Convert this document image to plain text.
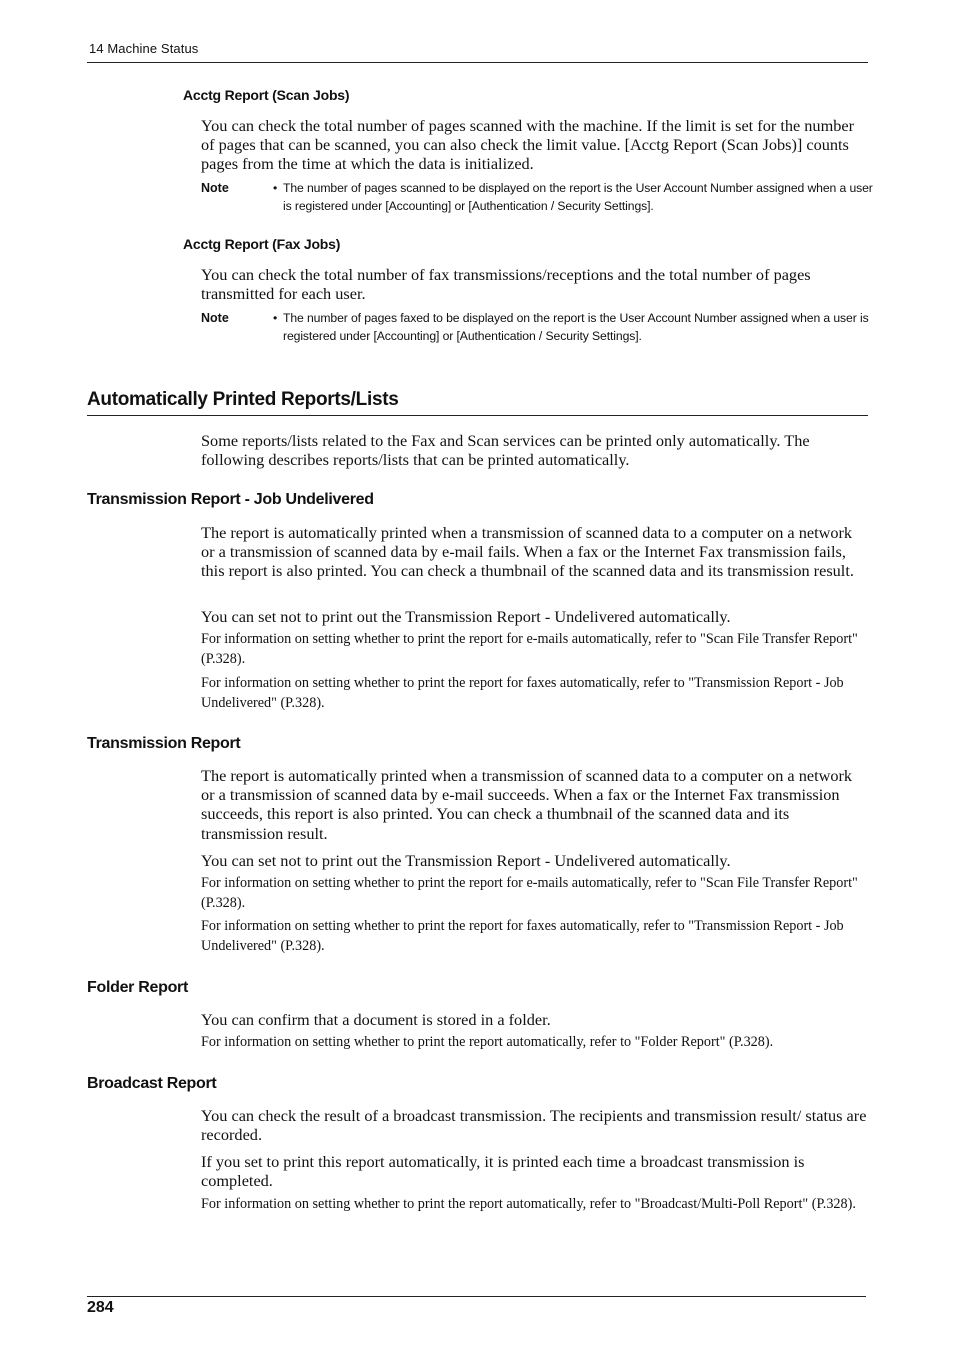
14 Machine Status
Acctg Report (Scan Jobs)

You can check the total number of pages scanned with the machine. If the limit is set for the number of pages that can be scanned, you can also check the limit value. [Acctg Report (Scan Jobs)] counts pages from the time at which the data is initialized.

Note	• The number of pages scanned to be displayed on the report is the User Account Number assigned when a user is registered under [Accounting] or [Authentication / Security Settings].

Acctg Report (Fax Jobs)

You can check the total number of fax transmissions/receptions and the total number of pages transmitted for each user.

Note	• The number of pages faxed to be displayed on the report is the User Account Number assigned when a user is registered under [Accounting] or [Authentication / Security Settings].

Automatically Printed Reports/Lists

Some reports/lists related to the Fax and Scan services can be printed only automatically. The following describes reports/lists that can be printed automatically.

Transmission Report - Job Undelivered

The report is automatically printed when a transmission of scanned data to a computer on a network or a transmission of scanned data by e-mail fails. When a fax or the Internet Fax transmission fails, this report is also printed. You can check a thumbnail of the scanned data and its transmission result.

You can set not to print out the Transmission Report - Undelivered automatically.

For information on setting whether to print the report for e-mails automatically, refer to "Scan File Transfer Report" (P.328).

For information on setting whether to print the report for faxes automatically, refer to "Transmission Report - Job Undelivered" (P.328).

Transmission Report

The report is automatically printed when a transmission of scanned data to a computer on a network or a transmission of scanned data by e-mail succeeds. When a fax or the Internet Fax transmission succeeds, this report is also printed. You can check a thumbnail of the scanned data and its transmission result.

You can set not to print out the Transmission Report - Undelivered automatically.

For information on setting whether to print the report for e-mails automatically, refer to "Scan File Transfer Report" (P.328).

For information on setting whether to print the report for faxes automatically, refer to "Transmission Report - Job Undelivered" (P.328).

Folder Report

You can confirm that a document is stored in a folder.

For information on setting whether to print the report automatically, refer to "Folder Report" (P.328).

Broadcast Report

You can check the result of a broadcast transmission. The recipients and transmission result/ status are recorded.

If you set to print this report automatically, it is printed each time a broadcast transmission is completed.

For information on setting whether to print the report automatically, refer to "Broadcast/Multi-Poll Report" (P.328).

284
